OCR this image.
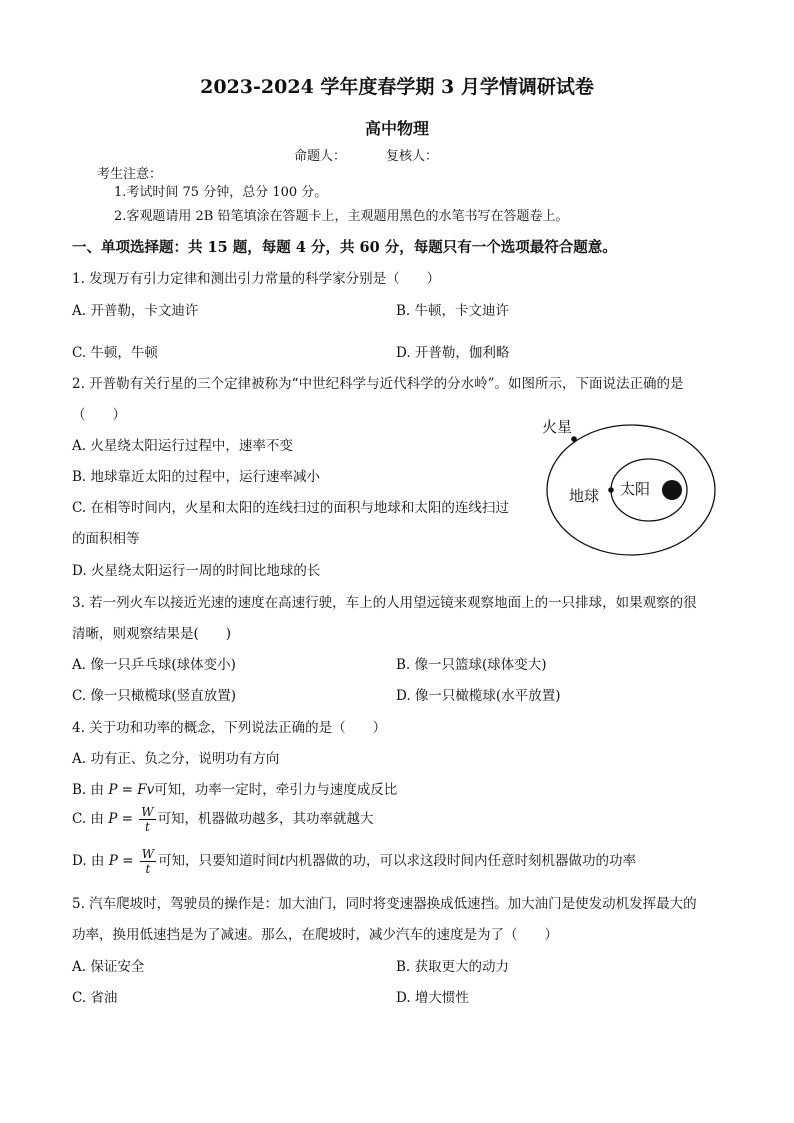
2023-2024 学年度春学期 3 月学情调研试卷
高中物理
命题人：	复核人：
考生注意：
1.考试时间 75 分钟，总分 100 分。
2.客观题请用 2B 铅笔填涂在答题卡上，主观题用黑色的水笔书写在答题卷上。
一、单项选择题：共 15 题，每题 4 分，共 60 分，每题只有一个选项最符合题意。
1. 发现万有引力定律和测出引力常量的科学家分别是（　　）
A. 开普勒，卡文迪许	B. 牛顿，卡文迪许
C. 牛顿，牛顿	D. 开普勒，伽利略
2. 开普勒有关行星的三个定律被称为“中世纪科学与近代科学的分水岭”。如图所示，下面说法正确的是
（　　）
A. 火星绕太阳运行过程中，速率不变
B. 地球靠近太阳的过程中，运行速率减小
C. 在相等时间内，火星和太阳的连线扫过的面积与地球和太阳的连线扫过
的面积相等
D. 火星绕太阳运行一周的时间比地球的长
火星
地球 太阳
3. 若一列火车以接近光速的速度在高速行驶，车上的人用望远镜来观察地面上的一只排球，如果观察的很
清晰，则观察结果是(　　)
A. 像一只乒乓球(球体变小)	B. 像一只篮球(球体变大)
C. 像一只橄榄球(竖直放置)	D. 像一只橄榄球(水平放置)
4. 关于功和功率的概念，下列说法正确的是（　　）
A. 功有正、负之分，说明功有方向
B. 由 P = Fv可知，功率一定时，牵引力与速度成反比
C. 由 $P = \frac{W}{t}$ 可知，机器做功越多，其功率就越大
D. 由 $P = \frac{W}{t}$ 可知，只要知道时间t内机器做的功，可以求这段时间内任意时刻机器做功的功率
5. 汽车爬坡时，驾驶员的操作是：加大油门，同时将变速器换成低速挡。加大油门是使发动机发挥最大的
功率，换用低速挡是为了减速。那么，在爬坡时，减少汽车的速度是为了（　　）
A. 保证安全	B. 获取更大的动力
C. 省油	D. 增大惯性
